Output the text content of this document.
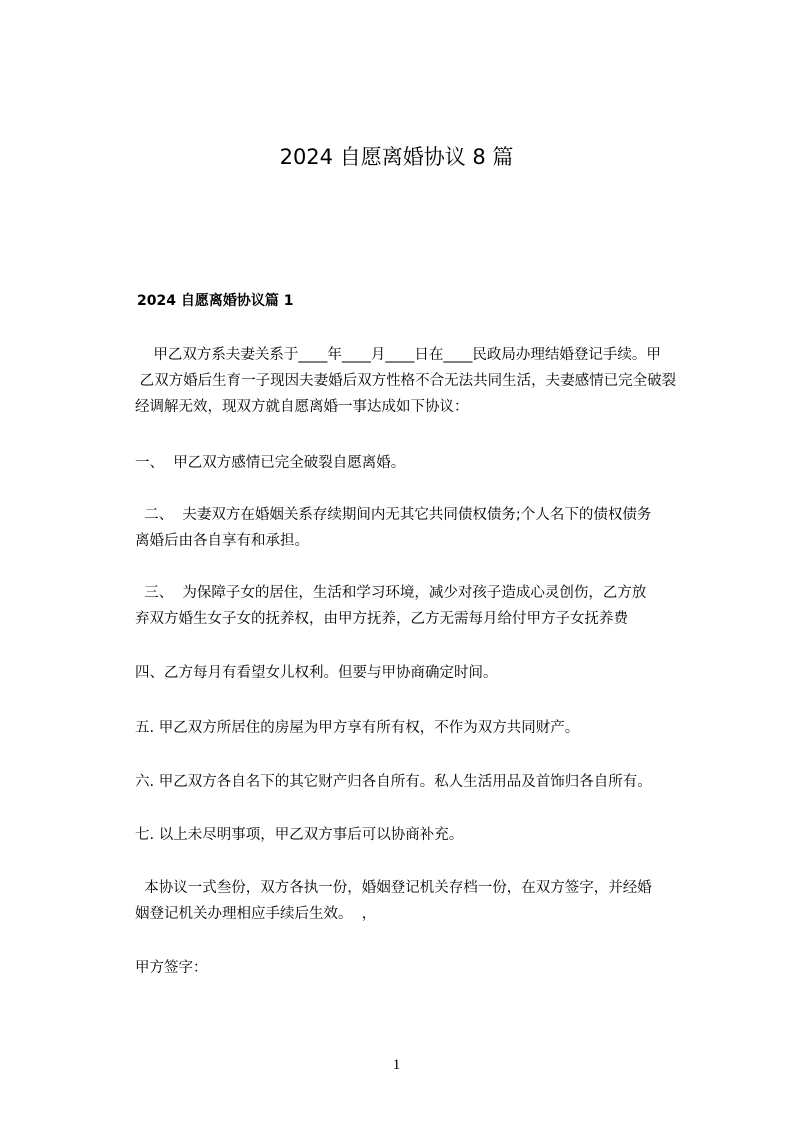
2024 自愿离婚协议 8 篇
2024 自愿离婚协议篇 1

甲乙双方系夫妻关系于____年____月____日在____民政局办理结婚登记手续。甲
乙双方婚后生育一子现因夫妻婚后双方性格不合无法共同生活，夫妻感情已完全破裂
经调解无效，现双方就自愿离婚一事达成如下协议：

一、  甲乙双方感情已完全破裂自愿离婚。

二、  夫妻双方在婚姻关系存续期间内无其它共同债权债务;个人名下的债权债务
离婚后由各自享有和承担。

三、  为保障子女的居住，生活和学习环境，减少对孩子造成心灵创伤，乙方放
弃双方婚生女子女的抚养权，由甲方抚养，乙方无需每月给付甲方子女抚养费

四、乙方每月有看望女儿权利。但要与甲协商确定时间。

五. 甲乙双方所居住的房屋为甲方享有所有权，不作为双方共同财产。

六. 甲乙双方各自名下的其它财产归各自所有。私人生活用品及首饰归各自所有。

七. 以上未尽明事项，甲乙双方事后可以协商补充。

本协议一式叁份，双方各执一份，婚姻登记机关存档一份，在双方签字，并经婚
姻登记机关办理相应手续后生效。  ，

甲方签字：

1
